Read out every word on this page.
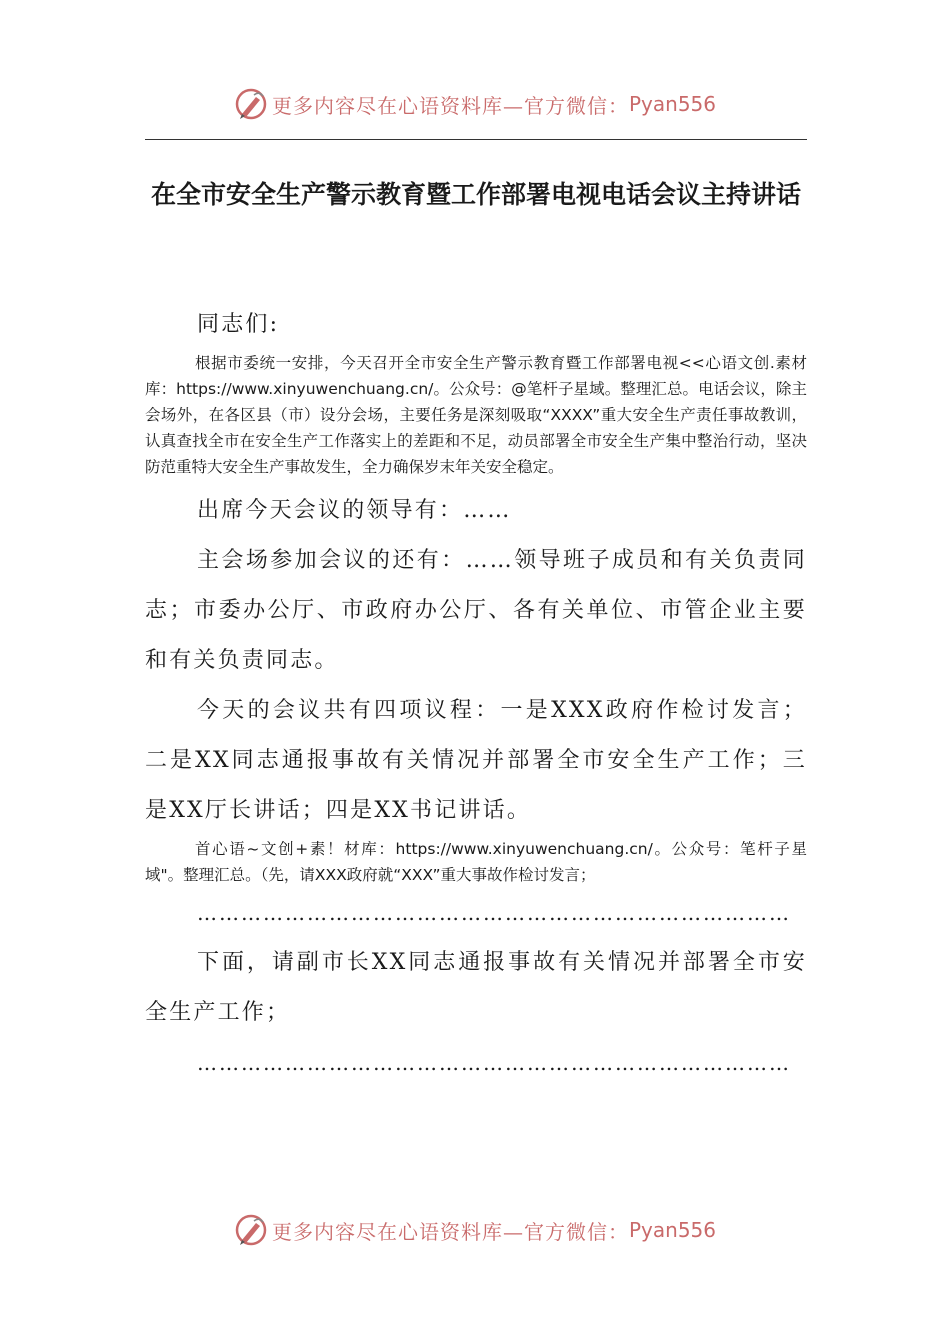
更多内容尽在心语资料库—官方微信： Pyan556
在全市安全生产警示教育暨工作部署电视电话会议主持讲话

同志们:

根据市委统一安排，今天召开全市安全生产警示教育暨工作部署电视<<心语文创.素材库：https://www.xinyuwenchuang.cn/。公众号：@笔杆子星域。整理汇总。电话会议，除主会场外，在各区县（市）设分会场，主要任务是深刻吸取“XXXX”重大安全生产责任事故教训，认真查找全市在安全生产工作落实上的差距和不足，动员部署全市安全生产集中整治行动，坚决防范重特大安全生产事故发生，全力确保岁末年关安全稳定。

出席今天会议的领导有：……

主会场参加会议的还有：……领导班子成员和有关负责同志；市委办公厅、市政府办公厅、各有关单位、市管企业主要和有关负责同志。

今天的会议共有四项议程：一是XXX政府作检讨发言；二是XX同志通报事故有关情况并部署全市安全生产工作；三是XX厅长讲话；四是XX书记讲话。

首心语~文创+素！材库：https://www.xinyuwenchuang.cn/。公众号：笔杆子星域"。整理汇总。（先，请XXX政府就“XXX”重大事故作检讨发言；

………………………………………………………………………

下面，请副市长XX同志通报事故有关情况并部署全市安全生产工作；

………………………………………………………………………

更多内容尽在心语资料库—官方微信： Pyan556
